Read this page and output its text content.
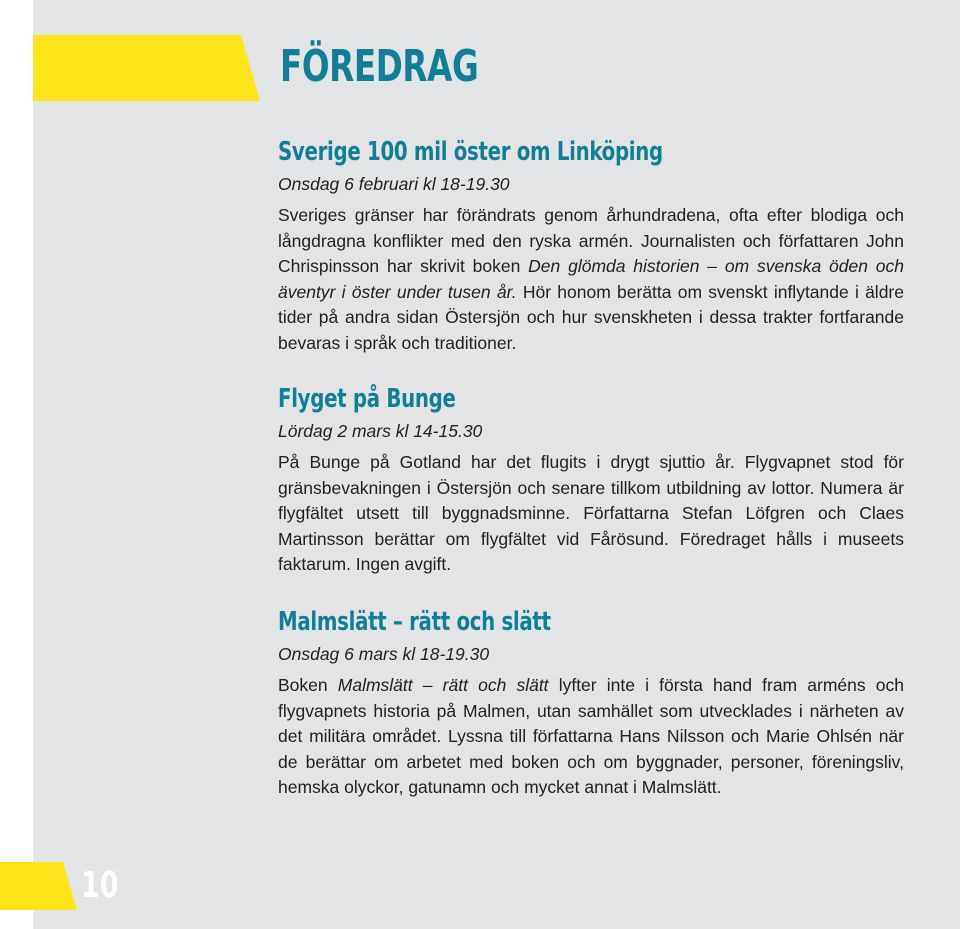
FÖREDRAG
Sverige 100 mil öster om Linköping

Onsdag 6 februari kl 18-19.30

Sveriges gränser har förändrats genom århundradena, ofta efter blodiga och långdragna konflikter med den ryska armén. Journalisten och författaren John Chrispinsson har skrivit boken Den glömda historien – om svenska öden och äventyr i öster under tusen år. Hör honom berätta om svenskt inflytande i äldre tider på andra sidan Östersjön och hur svenskheten i dessa trakter fortfarande bevaras i språk och traditioner.

Flyget på Bunge

Lördag 2 mars kl 14-15.30

På Bunge på Gotland har det flugits i drygt sjuttio år. Flygvapnet stod för gränsbevakningen i Östersjön och senare tillkom utbildning av lottor. Numera är flygfältet utsett till byggnadsminne. Författarna Stefan Löfgren och Claes Martinsson berättar om flygfältet vid Fårösund. Föredraget hålls i museets faktarum. Ingen avgift.

Malmslätt – rätt och slätt

Onsdag 6 mars kl 18-19.30

Boken Malmslätt – rätt och slätt lyfter inte i första hand fram arméns och flygvapnets historia på Malmen, utan samhället som utvecklades i närheten av det militära området. Lyssna till författarna Hans Nilsson och Marie Ohlsén när de berättar om arbetet med boken och om byggnader, personer, föreningsliv, hemska olyckor, gatunamn och mycket annat i Malmslätt.

10
